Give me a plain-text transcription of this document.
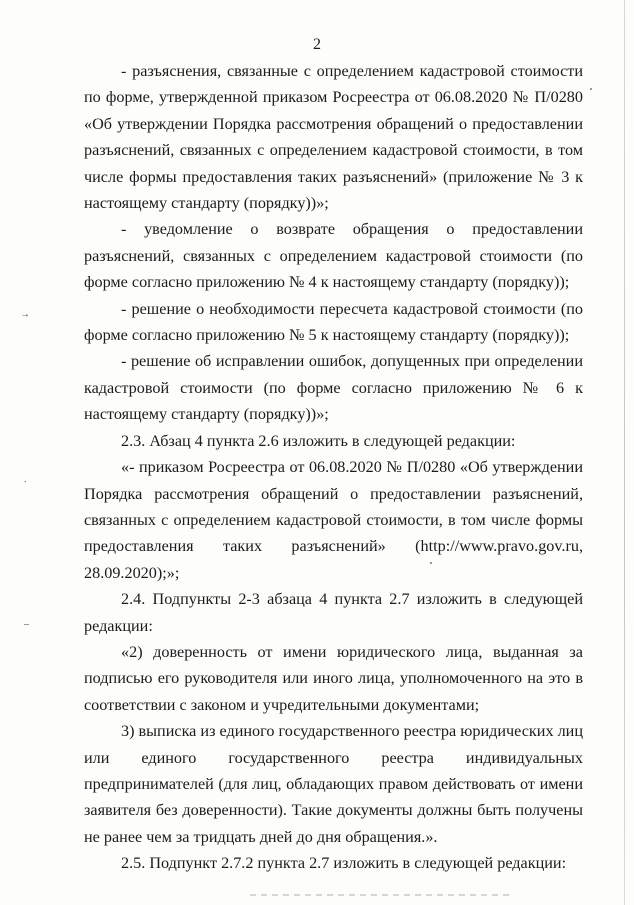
2

- разъяснения, связанные с определением кадастровой стоимости по форме, утвержденной приказом Росреестра от 06.08.2020 № П/0280 «Об утверждении Порядка рассмотрения обращений о предоставлении разъяснений, связанных с определением кадастровой стоимости, в том числе формы предоставления таких разъяснений» (приложение № 3 к настоящему стандарту (порядку))»;

- уведомление о возврате обращения о предоставлении разъяснений, связанных с определением кадастровой стоимости (по форме согласно приложению № 4 к настоящему стандарту (порядку));

- решение о необходимости пересчета кадастровой стоимости (по форме согласно приложению № 5 к настоящему стандарту (порядку));

- решение об исправлении ошибок, допущенных при определении кадастровой стоимости (по форме согласно приложению № 6 к настоящему стандарту (порядку))»;

2.3. Абзац 4 пункта 2.6 изложить в следующей редакции:

«- приказом Росреестра от 06.08.2020 № П/0280 «Об утверждении Порядка рассмотрения обращений о предоставлении разъяснений, связанных с определением кадастровой стоимости, в том числе формы предоставления таких разъяснений» (http://www.pravo.gov.ru, 28.09.2020);»;

2.4. Подпункты 2-3 абзаца 4 пункта 2.7 изложить в следующей редакции:

«2) доверенность от имени юридического лица, выданная за подписью его руководителя или иного лица, уполномоченного на это в соответствии с законом и учредительными документами;

3) выписка из единого государственного реестра юридических лиц или единого государственного реестра индивидуальных предпринимателей (для лиц, обладающих правом действовать от имени заявителя без доверенности). Такие документы должны быть получены не ранее чем за тридцать дней до дня обращения.».

2.5. Подпункт 2.7.2 пункта 2.7 изложить в следующей редакции:

→
∙
–
